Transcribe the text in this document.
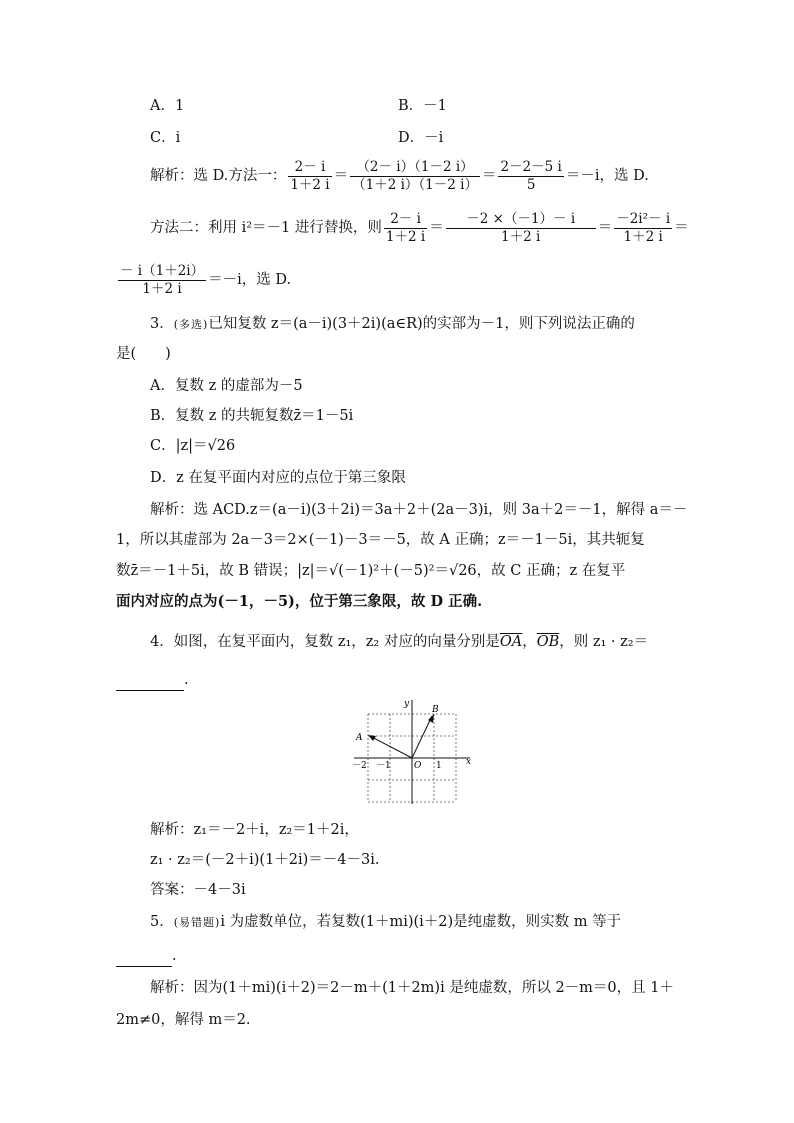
A．1	B．－1
C．i	D．－i
解析：选 D.方法一： $\frac{2- i}{1+2 i} = \frac{(2- i)(1-2 i)}{(1+2 i)(1-2 i)} = \frac{2-2-5 i}{5} =-i$，选 D.
方法二：利用 i²＝－1 进行替换，则 $\frac{2- i}{1+2 i} = \frac{-2 \times(-1)- i}{1+2 i} = \frac{\text{－2i²－ i}}{1+2 i}$ ＝
$\frac{- i(1+2i)}{1+2 i} =-i$，选 D.
3．(多选)已知复数 z＝(a－i)(3＋2i)(a∈R)的实部为－1，则下列说法正确的
是(　　)
A．复数 z 的虚部为－5
B．复数 z 的共轭复数z̄＝1－5i
C．|z|＝√26
D．z 在复平面内对应的点位于第三象限
解析：选 ACD.z＝(a－i)(3＋2i)＝3a＋2＋(2a－3)i，则 3a＋2＝－1，解得 a＝－
1，所以其虚部为 2a－3＝2×(－1)－3＝－5，故 A 正确；z＝－1－5i，其共轭复
数z̄＝－1＋5i，故 B 错误；|z|＝√(－1)²＋(－5)²＝√26，故 C 正确；z 在复平
面内对应的点为(－1，－5)，位于第三象限，故 D 正确.
4．如图，在复平面内，复数 z₁，z₂ 对应的向量分别是$\overline{OA}$，$\overline{OB}$，则 z₁ · z₂＝
.
y
x
A
B
O
－2 －1	1
解析：z₁＝－2＋i，z₂＝1＋2i，
z₁ · z₂＝(－2＋i)(1＋2i)＝－4－3i.
答案：－4－3i
5．(易错题)i 为虚数单位，若复数(1＋mi)(i＋2)是纯虚数，则实数 m 等于
.
解析：因为(1＋mi)(i＋2)＝2－m＋(1＋2m)i 是纯虚数，所以 2－m＝0，且 1＋
2m≠0，解得 m＝2.
